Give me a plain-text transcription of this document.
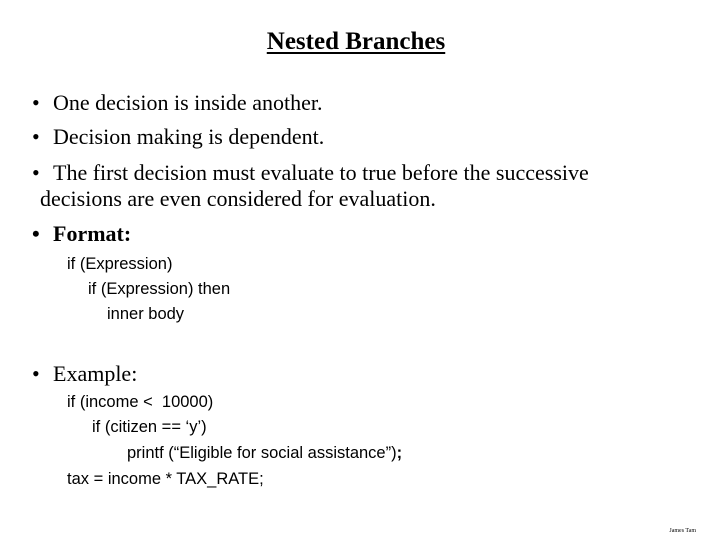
Nested Branches
• One decision is inside another.
• Decision making is dependent.
• The first decision must evaluate to true before the successive
decisions are even considered for evaluation.
• Format:
if (Expression)
if (Expression) then
inner body
• Example:
if (income <  10000)
if (citizen == ‘y’)
printf (“Eligible for social assistance”);
tax = income * TAX_RATE;
James Tam
